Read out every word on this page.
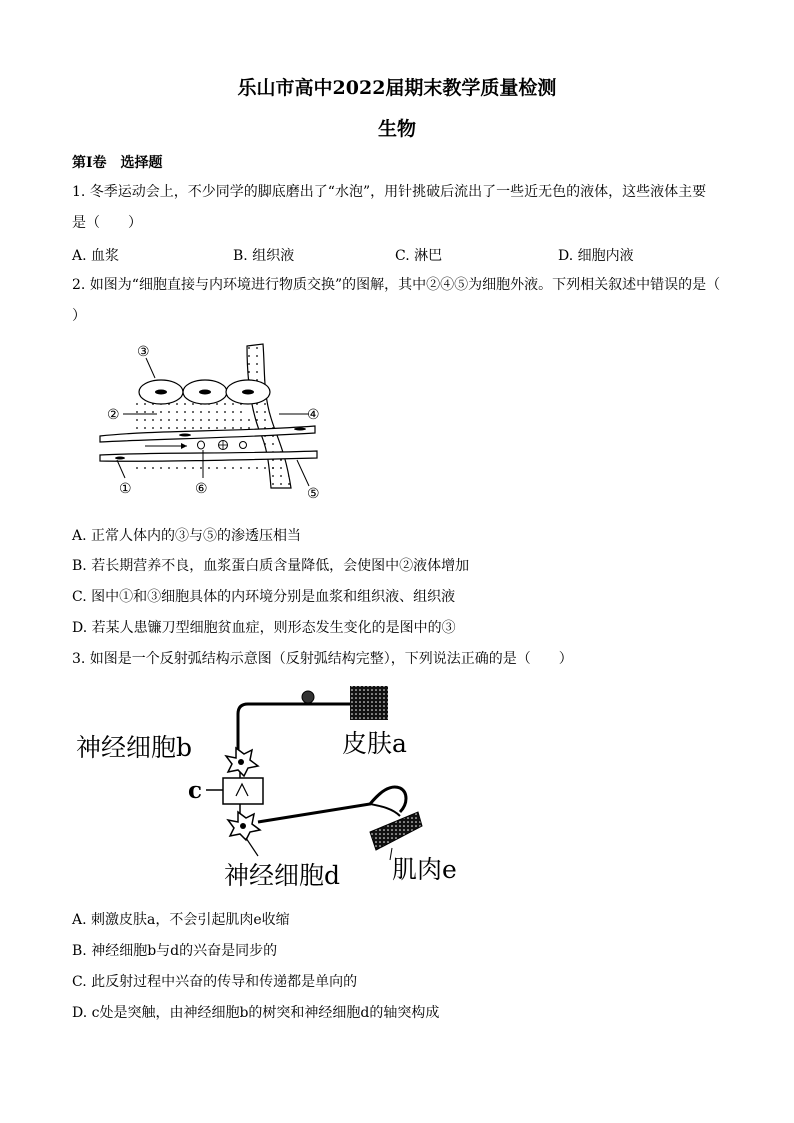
乐山市高中2022届期末教学质量检测
生物
第I卷　选择题
1. 冬季运动会上，不少同学的脚底磨出了“水泡”，用针挑破后流出了一些近无色的液体，这些液体主要
是（　　）
A. 血浆	B. 组织液	C. 淋巴	D. 细胞内液
2. 如图为“细胞直接与内环境进行物质交换”的图解，其中②④⑤为细胞外液。下列相关叙述中错误的是（
）
③
②	④
①	⑥	⑤
A. 正常人体内的③与⑤的渗透压相当
B. 若长期营养不良，血浆蛋白质含量降低，会使图中②液体增加
C. 图中①和③细胞具体的内环境分别是血浆和组织液、组织液
D. 若某人患镰刀型细胞贫血症，则形态发生变化的是图中的③
3. 如图是一个反射弧结构示意图（反射弧结构完整），下列说法正确的是（　　）
神经细胞b	皮肤a
c
神经细胞d 肌肉e
A. 刺激皮肤a，不会引起肌肉e收缩
B. 神经细胞b与d的兴奋是同步的
C. 此反射过程中兴奋的传导和传递都是单向的
D. c处是突触，由神经细胞b的树突和神经细胞d的轴突构成
